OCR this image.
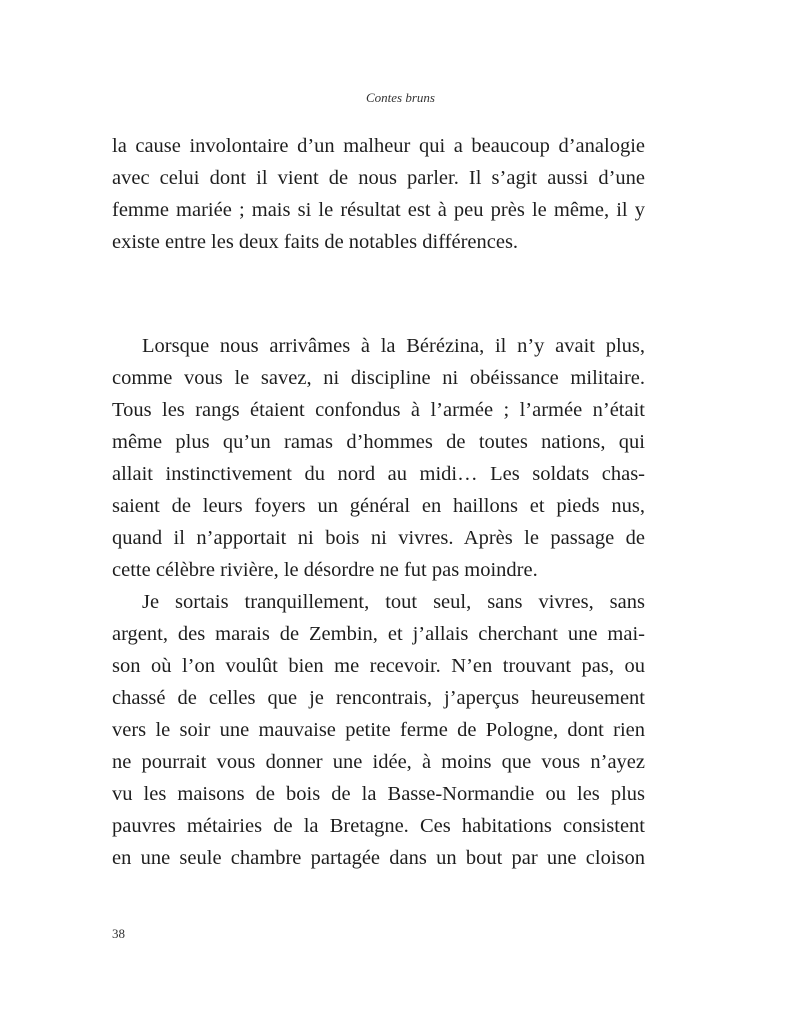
Contes bruns

la cause involontaire d’un malheur qui a beaucoup d’analogie
avec celui dont il vient de nous parler. Il s’agit aussi d’une
femme mariée ; mais si le résultat est à peu près le même, il y
existe entre les deux faits de notables différences.

Lorsque nous arrivâmes à la Bérézina, il n’y avait plus,
comme vous le savez, ni discipline ni obéissance militaire.
Tous les rangs étaient confondus à l’armée ; l’armée n’était
même plus qu’un ramas d’hommes de toutes nations, qui
allait instinctivement du nord au midi… Les soldats chas-
saient de leurs foyers un général en haillons et pieds nus,
quand il n’apportait ni bois ni vivres. Après le passage de
cette célèbre rivière, le désordre ne fut pas moindre.

Je sortais tranquillement, tout seul, sans vivres, sans
argent, des marais de Zembin, et j’allais cherchant une mai-
son où l’on voulût bien me recevoir. N’en trouvant pas, ou
chassé de celles que je rencontrais, j’aperçus heureusement
vers le soir une mauvaise petite ferme de Pologne, dont rien
ne pourrait vous donner une idée, à moins que vous n’ayez
vu les maisons de bois de la Basse-Normandie ou les plus
pauvres métairies de la Bretagne. Ces habitations consistent
en une seule chambre partagée dans un bout par une cloison

38
